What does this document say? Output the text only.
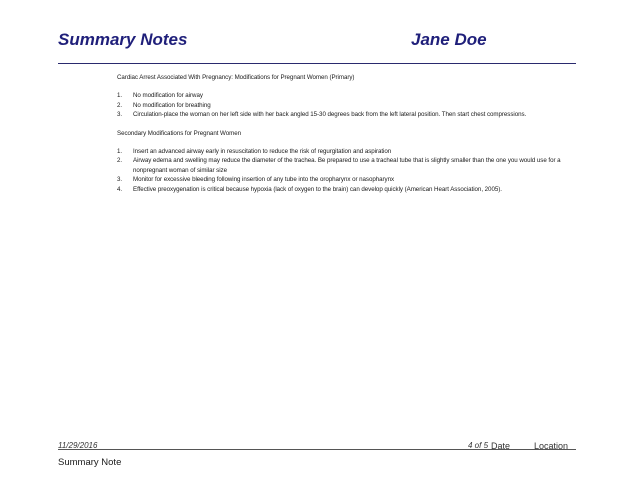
Summary Notes	Jane Doe

Cardiac Arrest Associated With Pregnancy: Modifications for Pregnant Women (Primary)

1. No modification for airway
2. No modification for breathing
3. Circulation-place the woman on her left side with her back angled 15-30 degrees back from the left lateral position. Then start chest compressions.

Secondary Modifications for Pregnant Women

1. Insert an advanced airway early in resuscitation to reduce the risk of regurgitation and aspiration
2. Airway edema and swelling may reduce the diameter of the trachea. Be prepared to use a tracheal tube that is slightly smaller than the one you would use for a nonpregnant woman of similar size
3. Monitor for excessive bleeding following insertion of any tube into the oropharynx or nasopharynx
4. Effective preoxygenation is critical because hypoxia (lack of oxygen to the brain) can develop quickly (American Heart Association, 2005).
11/29/2016	4 of 5 Date	Location
Summary Note
